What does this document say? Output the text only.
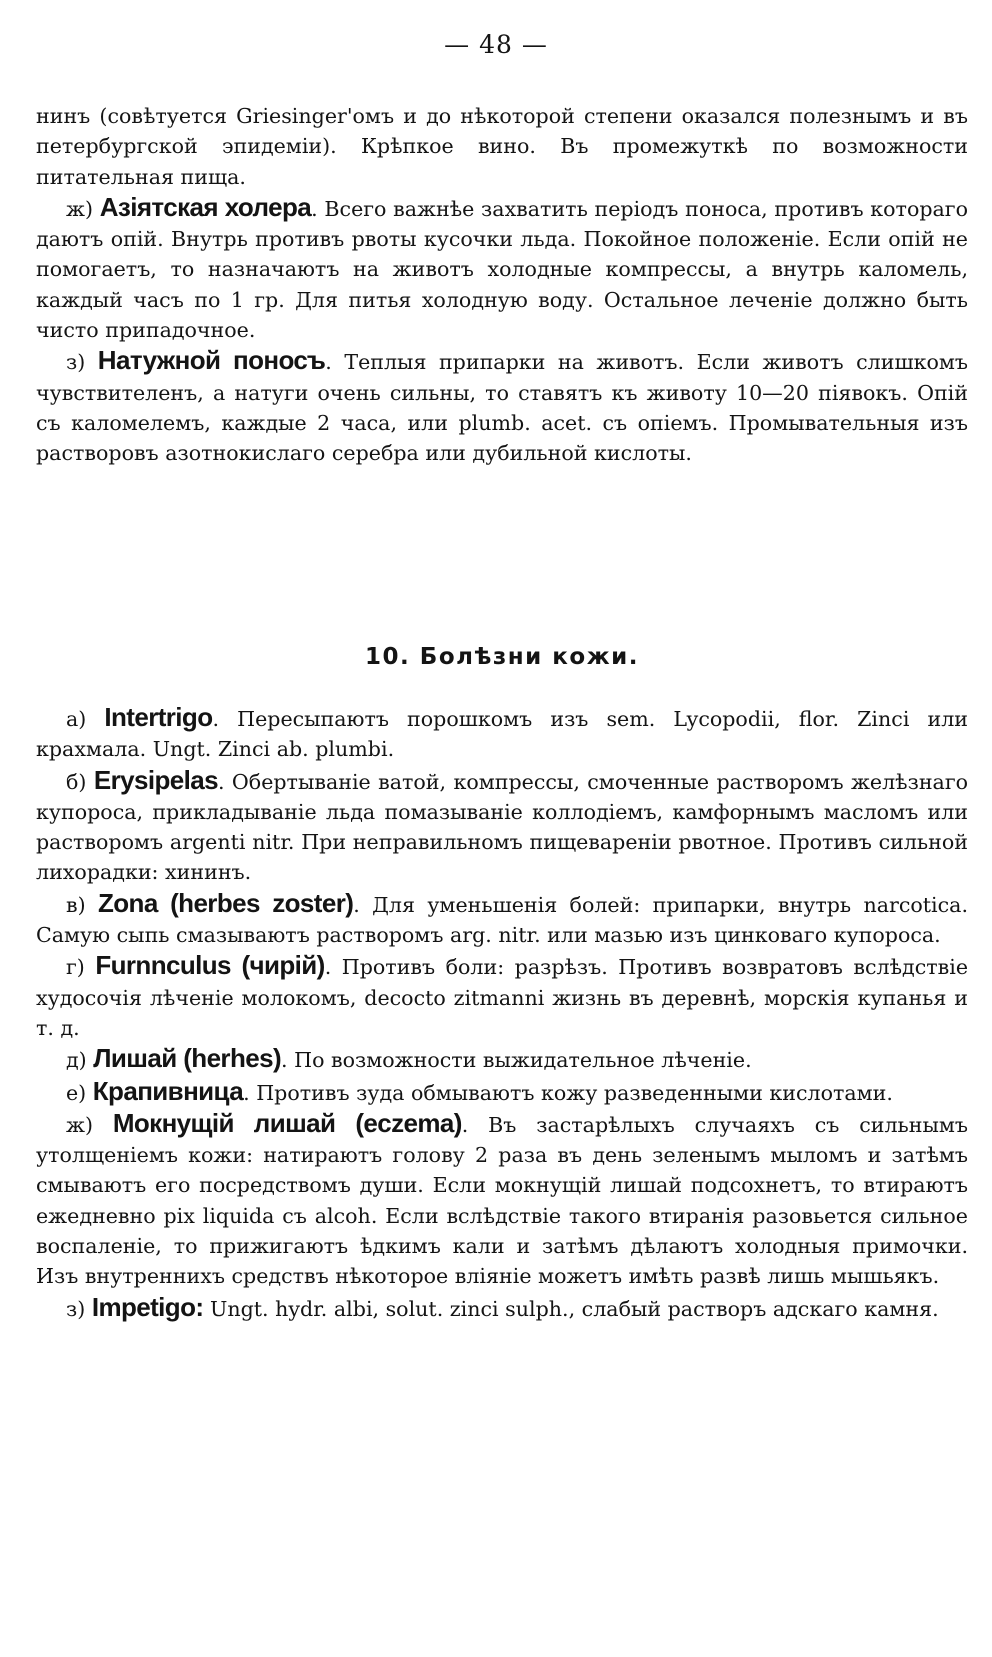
— 48 —

нинъ (совѣтуется Griesinger'омъ и до нѣкоторой степени оказался полезнымъ и въ петербургской эпидеміи). Крѣпкое вино. Въ промежуткѣ по возможности питательная пища.

ж) Азіятская холера. Всего важнѣе захватить періодъ поноса, противъ котораго даютъ опій. Внутрь противъ рвоты кусочки льда. Покойное положеніе. Если опій не помогаетъ, то назначаютъ на животъ холодные компрессы, а внутрь каломель, каждый часъ по 1 гр. Для питья холодную воду. Остальное леченіе должно быть чисто припадочное.

з) Натужной поносъ. Теплыя припарки на животъ. Если животъ слишкомъ чувствителенъ, а натуги очень сильны, то ставятъ къ животу 10—20 піявокъ. Опій съ каломелемъ, каждые 2 часа, или plumb. acet. съ опіемъ. Промывательныя изъ растворовъ азотнокислаго серебра или дубильной кислоты.

10. Болѣзни кожи.

а) Intertrigo. Пересыпаютъ порошкомъ изъ sem. Lycopodii, flor. Zinci или крахмала. Ungt. Zinci ab. plumbi.

б) Erysipelas. Обертываніе ватой, компрессы, смоченные растворомъ желѣзнаго купороса, прикладываніе льда помазываніе коллодіемъ, камфорнымъ масломъ или растворомъ argenti nitr. При неправильномъ пищевареніи рвотное. Противъ сильной лихорадки: хининъ.

в) Zona (herbes zoster). Для уменьшенія болей: припарки, внутрь narcotica. Самую сыпь смазываютъ растворомъ arg. nitr. или мазью изъ цинковаго купороса.

г) Furnnculus (чирій). Противъ боли: разрѣзъ. Противъ возвратовъ вслѣдствіе худосочія лѣченіе молокомъ, decocto zitmanni жизнь въ деревнѣ, морскія купанья и т. д.

д) Лишай (herhes). По возможности выжидательное лѣченіе.

е) Крапивница. Противъ зуда обмываютъ кожу разведенными кислотами.

ж) Мокнущій лишай (eczema). Въ застарѣлыхъ случаяхъ съ сильнымъ утолщеніемъ кожи: натираютъ голову 2 раза въ день зеленымъ мыломъ и затѣмъ смываютъ его посредствомъ души. Если мокнущій лишай подсохнетъ, то втираютъ ежедневно pix liquida съ alcoh. Если вслѣдствіе такого втиранія разовьется сильное воспаленіе, то прижигаютъ ѣдкимъ кали и затѣмъ дѣлаютъ холодныя примочки. Изъ внутреннихъ средствъ нѣкоторое вліяніе можетъ имѣть развѣ лишь мышьякъ.

з) Impetigo: Ungt. hydr. albi, solut. zinci sulph., слабый растворъ адскаго камня.
